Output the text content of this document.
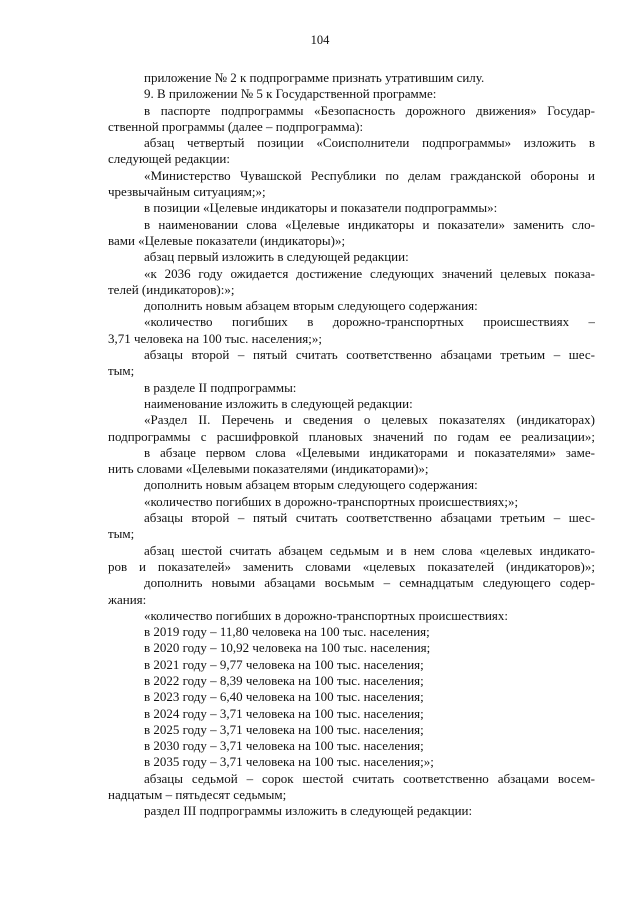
104
приложение № 2 к подпрограмме признать утратившим силу.
9. В приложении № 5 к Государственной программе:
в паспорте подпрограммы «Безопасность дорожного движения» Государ-
ственной программы (далее – подпрограмма):
абзац четвертый позиции «Соисполнители подпрограммы» изложить в
следующей редакции:
«Министерство Чувашской Республики по делам гражданской обороны и
чрезвычайным ситуациям;»;
в позиции «Целевые индикаторы и показатели подпрограммы»:
в наименовании слова «Целевые индикаторы и показатели» заменить сло-
вами «Целевые показатели (индикаторы)»;
абзац первый изложить в следующей редакции:
«к 2036 году ожидается достижение следующих значений целевых показа-
телей (индикаторов):»;
дополнить новым абзацем вторым следующего содержания:
«количество погибших в дорожно-транспортных происшествиях –
3,71 человека на 100 тыс. населения;»;
абзацы второй – пятый считать соответственно абзацами третьим – шес-
тым;
в разделе II подпрограммы:
наименование изложить в следующей редакции:
«Раздел II. Перечень и сведения о целевых показателях (индикаторах)
подпрограммы с расшифровкой плановых значений по годам ее реализации»;
в абзаце первом слова «Целевыми индикаторами и показателями» заме-
нить словами «Целевыми показателями (индикаторами)»;
дополнить новым абзацем вторым следующего содержания:
«количество погибших в дорожно-транспортных происшествиях;»;
абзацы второй – пятый считать соответственно абзацами третьим – шес-
тым;
абзац шестой считать абзацем седьмым и в нем слова «целевых индикато-
ров и показателей» заменить словами «целевых показателей (индикаторов)»;
дополнить новыми абзацами восьмым – семнадцатым следующего содер-
жания:
«количество погибших в дорожно-транспортных происшествиях:
в 2019 году – 11,80 человека на 100 тыс. населения;
в 2020 году – 10,92 человека на 100 тыс. населения;
в 2021 году – 9,77 человека на 100 тыс. населения;
в 2022 году – 8,39 человека на 100 тыс. населения;
в 2023 году – 6,40 человека на 100 тыс. населения;
в 2024 году – 3,71 человека на 100 тыс. населения;
в 2025 году – 3,71 человека на 100 тыс. населения;
в 2030 году – 3,71 человека на 100 тыс. населения;
в 2035 году – 3,71 человека на 100 тыс. населения;»;
абзацы седьмой – сорок шестой считать соответственно абзацами восем-
надцатым – пятьдесят седьмым;
раздел III подпрограммы изложить в следующей редакции:
